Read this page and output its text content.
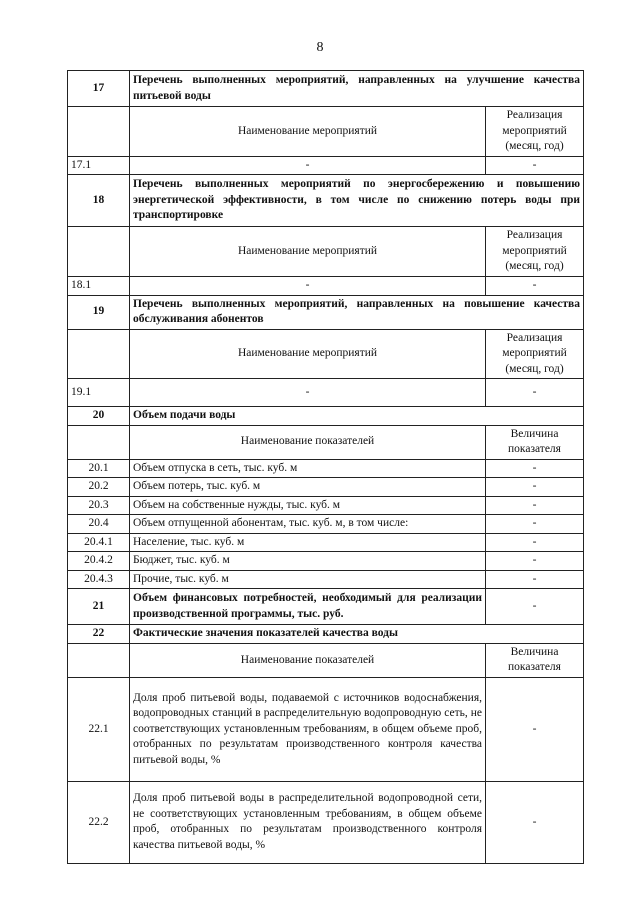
8
17	Перечень выполненных мероприятий, направленных на улучшение качества питьевой воды	
	Наименование мероприятий	Реализация мероприятий (месяц, год)
17.1	-	-
18	Перечень выполненных мероприятий по энергосбережению и повышению энергетической эффективности, в том числе по снижению потерь воды при транспортировке	
	Наименование мероприятий	Реализация мероприятий (месяц, год)
18.1	-	-
19	Перечень выполненных мероприятий, направленных на повышение качества обслуживания абонентов	
	Наименование мероприятий	Реализация мероприятий (месяц, год)
19.1	-	-
20	Объем подачи воды	
	Наименование показателей	Величина показателя
20.1	Объем отпуска в сеть, тыс. куб. м	-
20.2	Объем потерь, тыс. куб. м	-
20.3	Объем на собственные нужды, тыс. куб. м	-
20.4	Объем отпущенной абонентам, тыс. куб. м, в том числе:	-
20.4.1	Население, тыс. куб. м	-
20.4.2	Бюджет, тыс. куб. м	-
20.4.3	Прочие, тыс. куб. м	-
21	Объем финансовых потребностей, необходимый для реализации производственной программы, тыс. руб.	-
22	Фактические значения показателей качества воды	
	Наименование показателей	Величина показателя
22.1	Доля проб питьевой воды, подаваемой с источников водоснабжения, водопроводных станций в распределительную водопроводную сеть, не соответствующих установленным требованиям, в общем объеме проб, отобранных по результатам производственного контроля качества питьевой воды, %	-
22.2	Доля проб питьевой воды в распределительной водопроводной сети, не соответствующих установленным требованиям, в общем объеме проб, отобранных по результатам производственного контроля качества питьевой воды, %	-
